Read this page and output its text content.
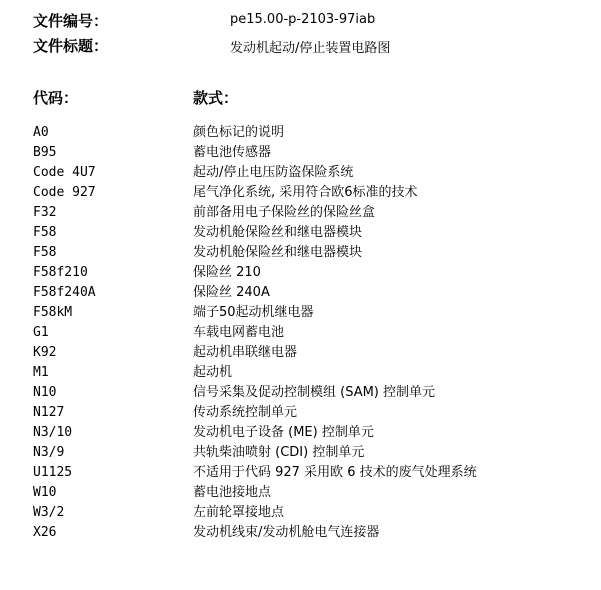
文件编号：	pe15.00-p-2103-97iab
文件标题：	发动机起动/停止装置电路图
代码：	款式：
A0	颜色标记的说明
B95	蓄电池传感器
Code 4U7	起动/停止电压防盗保险系统
Code 927	尾气净化系统, 采用符合欧6标准的技术
F32	前部备用电子保险丝的保险丝盒
F58	发动机舱保险丝和继电器模块
F58	发动机舱保险丝和继电器模块
F58f210	保险丝 210
F58f240A	保险丝 240A
F58kM	端子50起动机继电器
G1	车载电网蓄电池
K92	起动机串联继电器
M1	起动机
N10	信号采集及促动控制模组 (SAM) 控制单元
N127	传动系统控制单元
N3/10	发动机电子设备 (ME) 控制单元
N3/9	共轨柴油喷射 (CDI) 控制单元
U1125	不适用于代码 927 采用欧 6 技术的废气处理系统
W10	蓄电池接地点
W3/2	左前轮罩接地点
X26	发动机线束/发动机舱电气连接器
